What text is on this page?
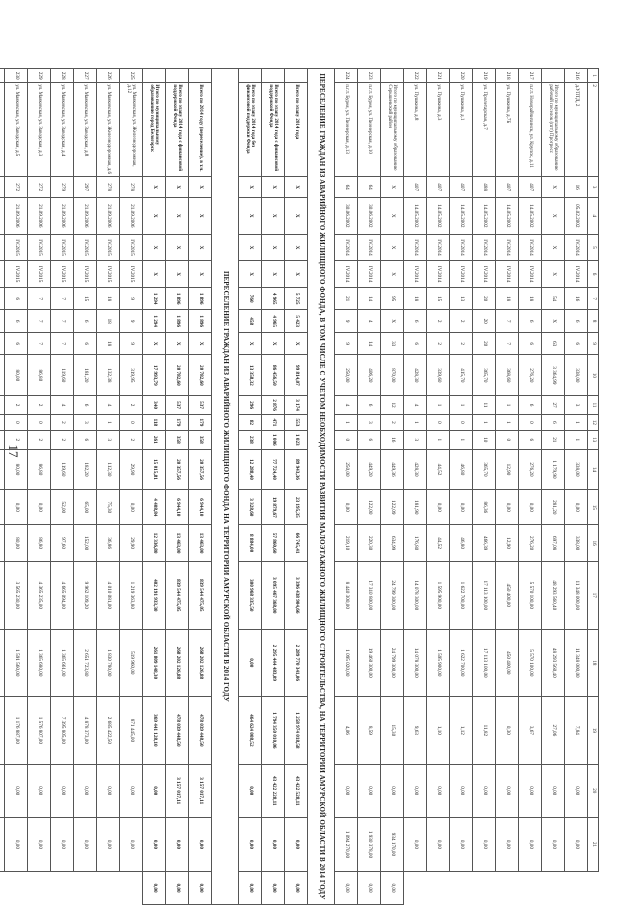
17
1	2	3	4	5	6	7	8	9	10	11	12	13	14	15	16	17	18	19	20	21	
216	д.УПТД, 2	16	05.02.2002	IV.2014	IV.2014	16	6	6	338,00	3	1	1	338,00	0,00	338,00	11 348 000,00	11 348 000,00	7,84	0,00	0,00	
	Итого по муниципальному образованию рабочий поселок (пгт) Прогресс	Х	Х	Х	Х	54	Х	63	3 364,99	27	6	21	1 179,90	281,20	697,08	48 293 560,40	48 293 560,40	27,06	0,00	0,00	
217	п.г.т. Новорайчихинск, ул. Крупск, д.11	407	14.05.2002	IV.2014	IV.2014	18	6	6	276,20	6	0	6	276,20	0,00	276,20	5 570 100,00	5 570 100,00	3,67	0,00	0,00	
218	ул. Пушкина, д.7Б	407	14.05.2002	IV.2014	IV.2014	18	7	7	368,60	1	1	0	12,90	0,00	12,90	450 400,00	450 400,00	0,30	0,00	0,00	
219	ул. Пролетарская, д.7	488	14.05.2002	IV.2014	IV.2014	20	20	20	365,70	11	1	10	365,70	86,36	466,39	17 113 100,00	17 113 100,00	11,82	0,00	0,00	
220	ул. Пушкина, д.1	407	14.05.2002	IV.2014	IV.2014	13	2	2	415,70	1	0	1	46,80	0,00	46,80	1 622 700,00	1 622 700,00	1,12	0,00	0,00	
221	ул. Пушкина, д.3	407	14.05.2002	IV.2014	IV.2014	15	2	2	339,60	1	0	1	44,52	0,00	44,52	1 595 900,00	1 595 900,00	1,10	0,00	0,00	
222	ул. Пушкина, д.8	407	14.05.2002	IV.2014	IV.2014	18	6	6	428,30	4	1	3	428,30	181,90	176,80	14 078 300,00	14 078 300,00	9,63	0,00	0,00	
	Итого по муниципальному образованию Серышевский район	Х	Х	Х	Х	95	Х	33	870,00	12	2	16	449,36	122,09	634,99	24 799 300,00	24 799 300,00	15,30	0,00	934 170,00	0,00
223	п.г.т. Бурея, ул. Пионерская, д.10	64	30.06.2002	IV.2014	IV.2014	14	4	14	406,20	6	3	6	449,20	122,00	220,30	17 310 800,00	19 460 300,00	8,59	0,00	1 930 378,00	0,00
224	п.г.т. Бурея, ул. Пионерская, д.13	64	30.06.2002	IV.2014	IV.2014	21	9	9	250,00	4	1	0	250,00	0,00	219,10	8 440 300,00	1 095 020,00	4,06	0,00	1 094 270,00	0,00
ПЕРЕСЕЛЕНИЕ ГРАЖДАН ИЗ АВАРИЙНОГО ЖИЛИЩНОГО ФОНДА, В ТОМ ЧИСЛЕ С УЧЕТОМ НЕОБХОДИМОСТИ РАЗВИТИЯ МАЛОЭТАЖНОГО ЖИЛИЩНОГО СТРОИТЕЛЬСТВА, НА ТЕРРИТОРИИ АМУРСКОЙ ОБЛАСТИ В 2014 ГОДУ																					
	Всего по этапу 2014 года	Х	Х	Х	Х	5 725	5 423	Х	99 814,07	3 174	553	1 023	89 943,36	23 195,35	66 745,41	3 396 438 904,66	2 289 770 341,06	1 258 974 018,58	43 422 528,11	0,00	0,00
	Всего по этапу 2014 года с финансовой поддержкой Фонда	Х	Х	Х	Х	4 965	4 965	Х	86 456,50	2 876	471	1 006	77 724,40	19 879,67	57 860,60	3 095 467 368,00	2 295 444 483,09	1 794 350 010,06	43 422 228,11	0,00	0,00
	Всего по этапу 2014 года без финансовой поддержки Фонда	Х	Х	Х	Х	760	458	Х	13 358,32	296	82	238	12 288,40	3 328,60	8 884,00	300 968 335,50	0,00	464 624 008,52	0,00	0,00	0,00
ПЕРЕСЕЛЕНИЕ ГРАЖДАН ИЗ АВАРИЙНОГО ЖИЛИЩНОГО ФОНДА НА ТЕРРИТОРИИ АМУРСКОЙ ОБЛАСТИ В 2014 ГОДУ																					
	Всего по 2014 году (переселение), в т.ч.	Х	Х	Х	Х	1 896	1 896	Х	20 782,60	537	179	358	20 357,56	6 944,10	13 463,00	839 544 475,05	268 202 126,88	478 039 448,50	3 157 017,11	0,00	0,00
	Всего по этапу 2014 года с финансовой поддержкой Фонда	Х	Х	Х	Х	1 896	1 896	Х	20 782,60	537	179	358	20 357,56	6 944,10	13 463,00	839 544 475,05	268 202 126,88	478 039 448,50	3 157 017,11	0,00	0,00
	Итого по муниципальному образованию город Белогорск	Х	Х	Х	Х	1 294	1 294	Х	17 993,79	340	118	261	15 015,81	4 408,84	12 336,80	402 191 933,30	261 809 148,30	369 441 128,10	0,00	0,00	0,00
225	ул. Маяковская, ул. Железнодорожная, д.12	278	21.09.2006	IV.2015	IV.2015	9	9	9	319,95	2	0	2	29,90	0,00	29,90	1 219 363,80	519 960,00	871 445,00	0,00	0,00	
226	ул. Маяковская, ул. Железнодорожная, д.6	278	21.09.2006	IV.2015	IV.2015	18	18	18	132,38	4	1	3	112,30	75,30	36,86	4 010 081,00	1 830 780,00	2 685 422,50	0,00	0,00	
227	ул. Маяковская, ул. Заводская, д.8	297	21.09.2006	IV.2015	IV.2015	15	6	6	181,20	6	3	6	182,20	65,00	152,00	9 962 109,20	2 651 723,80	4 878 373,00	0,00	0,00	
228	ул. Маяковская, ул. Заводская, д.4	279	21.09.2006	IV.2015	IV.2015	7	7	7	119,60	4	2	2	119,60	52,00	97,60	4 665 094,00	1 365 661,00	7 395 805,00	0,00	0,00	
229	ул. Маяковская, ул. Заводская, д.3	272	21.09.2006	IV.2015	IV.2015	7	7	7	86,80	2	0	2	86,80	0,00	86,80	4 365 235,00	1 365 680,00	1 576 807,00	0,00	0,00	
230	ул. Маяковская, ул. Заводская, д.5	272	21.09.2006	IV.2015	IV.2015	6	6	6	80,00	2	0	2	80,00	0,00	80,00	3 565 230,00	1 591 560,00	1 176 887,00	0,00	0,00	
